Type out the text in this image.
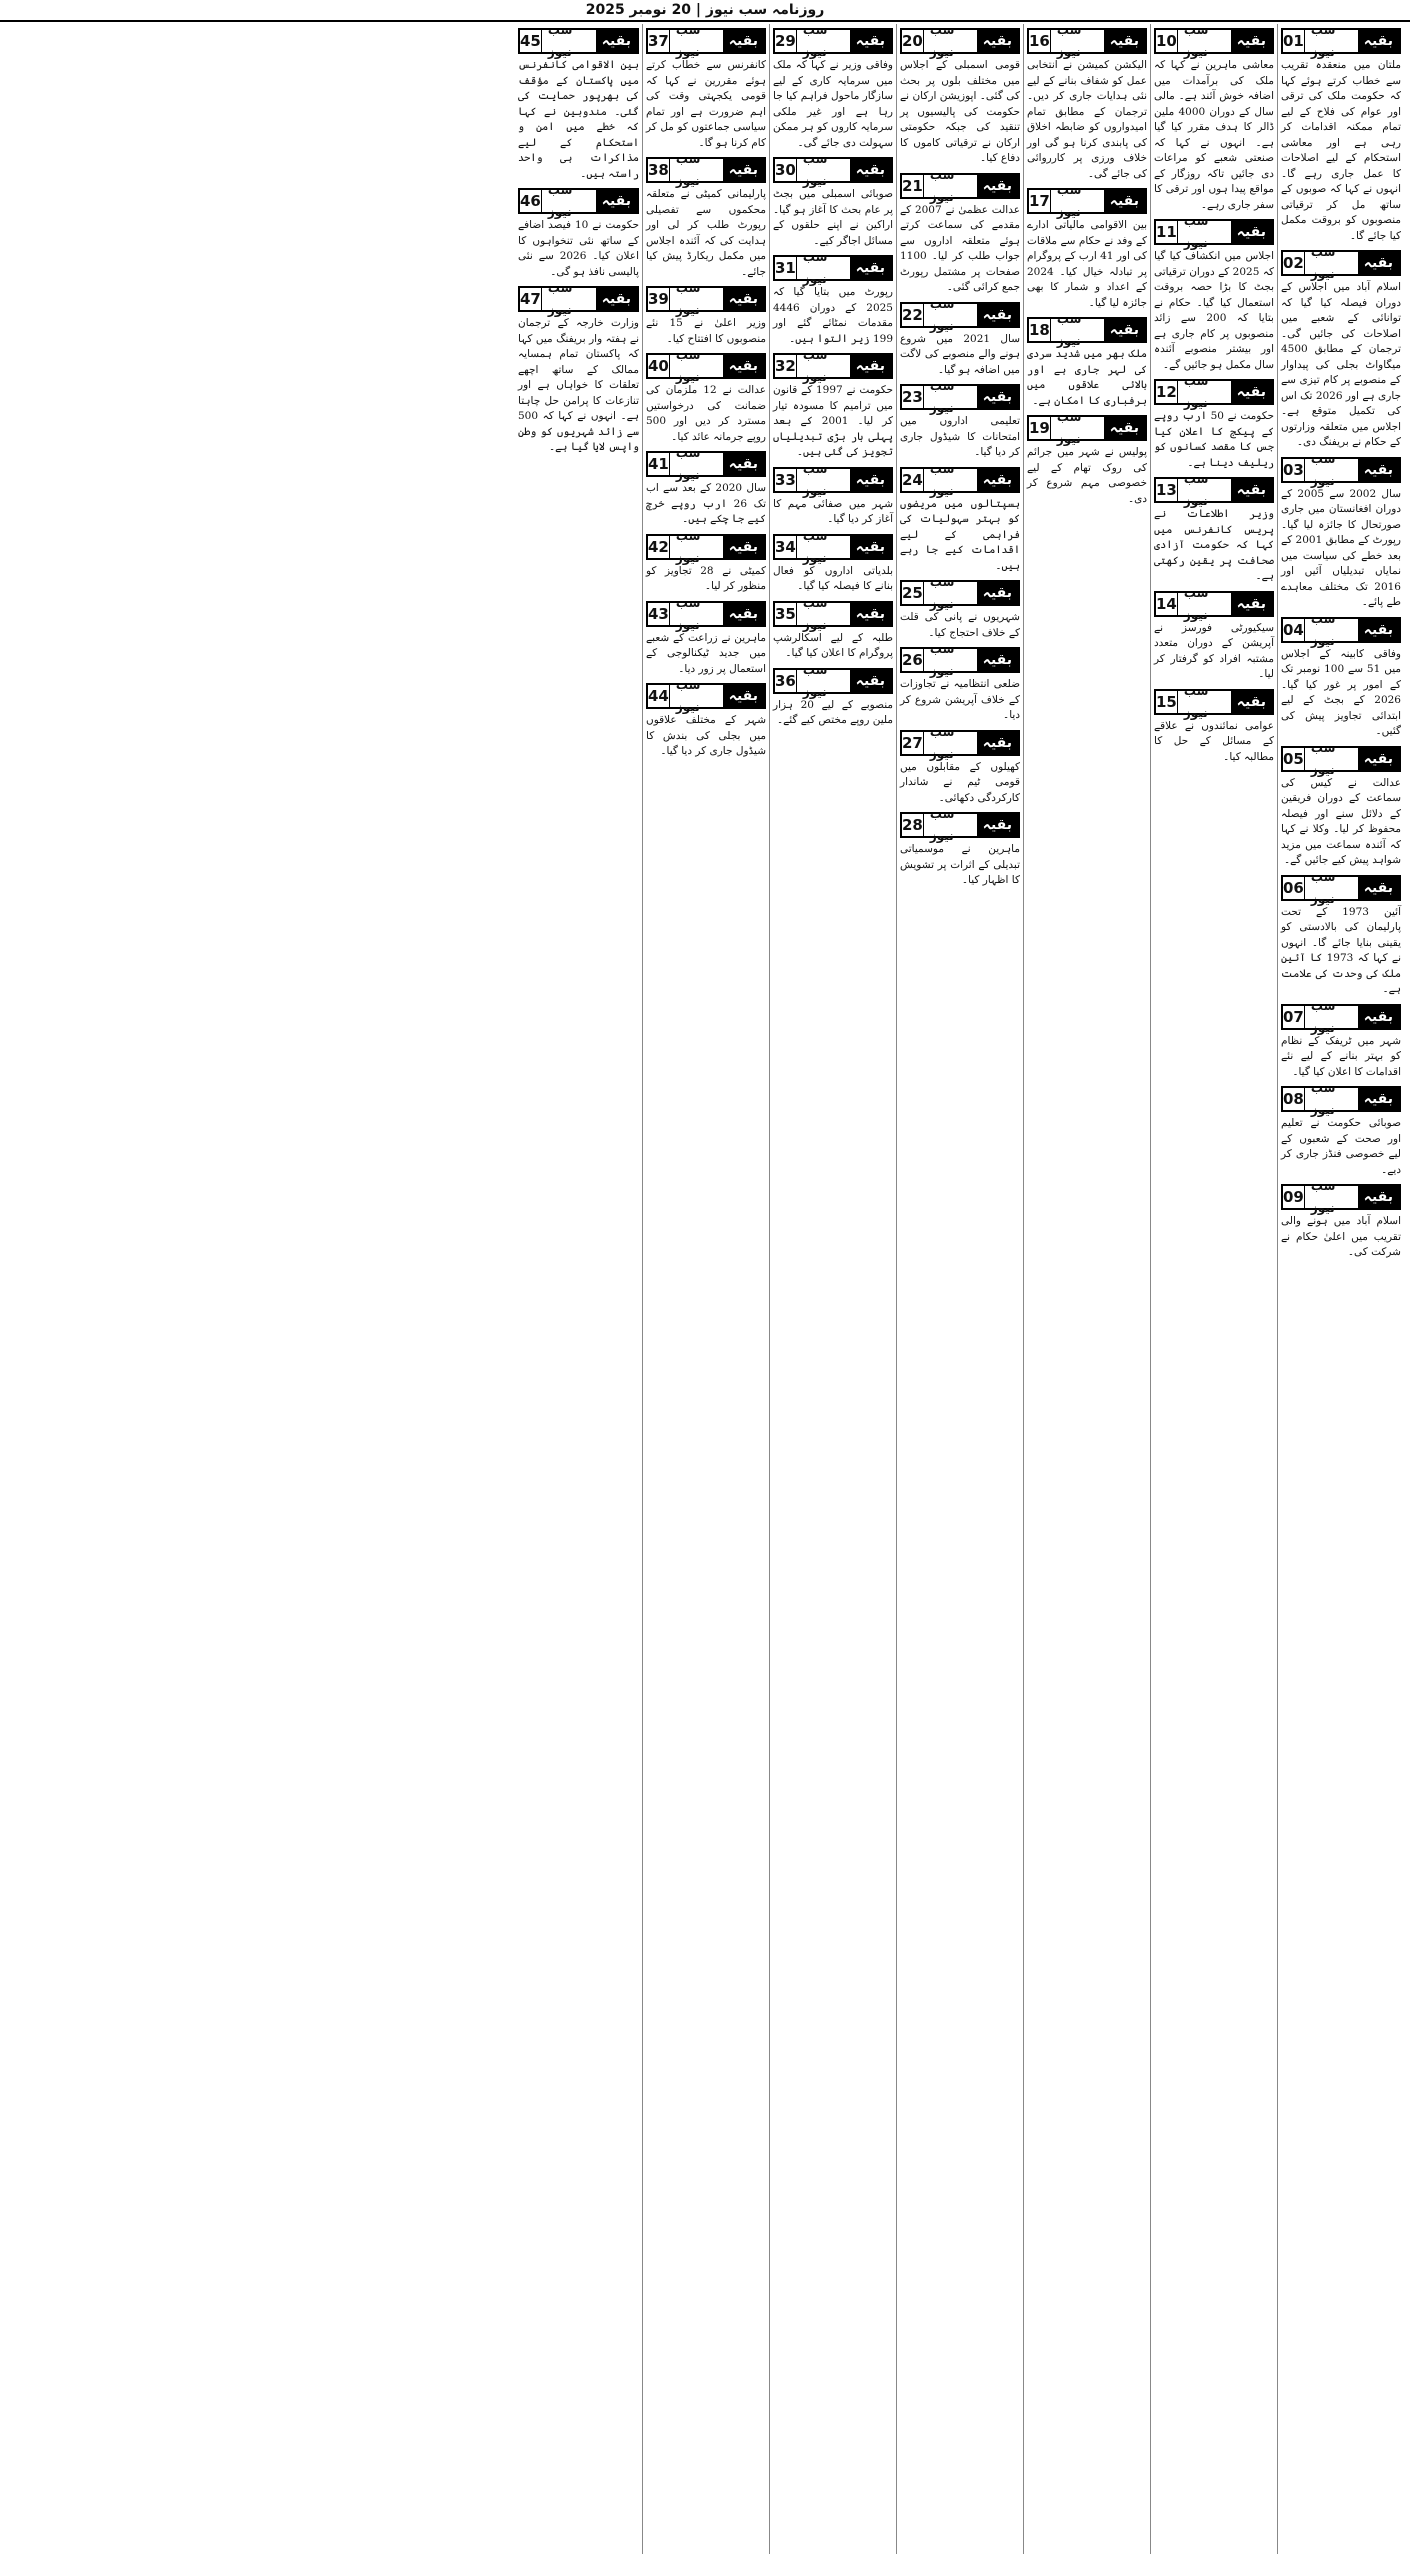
روزنامہ سب نیوز | 20 نومبر 2025
بقیہ
سب نیوز
01

ملتان میں منعقدہ تقریب سے خطاب کرتے ہوئے کہا کہ حکومت ملک کی ترقی اور عوام کی فلاح کے لیے تمام ممکنہ اقدامات کر رہی ہے اور معاشی استحکام کے لیے اصلاحات کا عمل جاری رہے گا۔ انہوں نے کہا کہ صوبوں کے ساتھ مل کر ترقیاتی منصوبوں کو بروقت مکمل کیا جائے گا۔

بقیہ
سب نیوز
02

اسلام آباد میں اجلاس کے دوران فیصلہ کیا گیا کہ توانائی کے شعبے میں اصلاحات کی جائیں گی۔ ترجمان کے مطابق 4500 میگاواٹ بجلی کی پیداوار کے منصوبے پر کام تیزی سے جاری ہے اور 2026 تک اس کی تکمیل متوقع ہے۔ اجلاس میں متعلقہ وزارتوں کے حکام نے بریفنگ دی۔

بقیہ
سب نیوز
03

سال 2002 سے 2005 کے دوران افغانستان میں جاری صورتحال کا جائزہ لیا گیا۔ رپورٹ کے مطابق 2001 کے بعد خطے کی سیاست میں نمایاں تبدیلیاں آئیں اور 2016 تک مختلف معاہدے طے پائے۔

بقیہ
سب نیوز
04

وفاقی کابینہ کے اجلاس میں 51 سے 100 نومبر تک کے امور پر غور کیا گیا۔ 2026 کے بجٹ کے لیے ابتدائی تجاویز پیش کی گئیں۔

بقیہ
سب نیوز
05

عدالت نے کیس کی سماعت کے دوران فریقین کے دلائل سنے اور فیصلہ محفوظ کر لیا۔ وکلا نے کہا کہ آئندہ سماعت میں مزید شواہد پیش کیے جائیں گے۔

بقیہ
سب نیوز
06

آئین 1973 کے تحت پارلیمان کی بالادستی کو یقینی بنایا جائے گا۔ انہوں نے کہا کہ 1973 کا آئین ملک کی وحدت کی علامت ہے۔

بقیہ
سب نیوز
07

شہر میں ٹریفک کے نظام کو بہتر بنانے کے لیے نئے اقدامات کا اعلان کیا گیا۔

بقیہ
سب نیوز
08

صوبائی حکومت نے تعلیم اور صحت کے شعبوں کے لیے خصوصی فنڈز جاری کر دیے۔

بقیہ
سب نیوز
09

اسلام آباد میں ہونے والی تقریب میں اعلیٰ حکام نے شرکت کی۔

بقیہ
سب نیوز
10

معاشی ماہرین نے کہا کہ ملک کی برآمدات میں اضافہ خوش آئند ہے۔ مالی سال کے دوران 4000 ملین ڈالر کا ہدف مقرر کیا گیا ہے۔ انہوں نے کہا کہ صنعتی شعبے کو مراعات دی جائیں تاکہ روزگار کے مواقع پیدا ہوں اور ترقی کا سفر جاری رہے۔

بقیہ
سب نیوز
11

اجلاس میں انکشاف کیا گیا کہ 2025 کے دوران ترقیاتی بجٹ کا بڑا حصہ بروقت استعمال کیا گیا۔ حکام نے بتایا کہ 200 سے زائد منصوبوں پر کام جاری ہے اور بیشتر منصوبے آئندہ سال مکمل ہو جائیں گے۔

بقیہ
سب نیوز
12

حکومت نے 50 ارب روپے کے پیکج کا اعلان کیا جس کا مقصد کسانوں کو ریلیف دینا ہے۔

بقیہ
سب نیوز
13

وزیر اطلاعات نے پریس کانفرنس میں کہا کہ حکومت آزادی صحافت پر یقین رکھتی ہے۔

بقیہ
سب نیوز
14

سیکیورٹی فورسز نے آپریشن کے دوران متعدد مشتبہ افراد کو گرفتار کر لیا۔

بقیہ
سب نیوز
15

عوامی نمائندوں نے علاقے کے مسائل کے حل کا مطالبہ کیا۔

بقیہ
سب نیوز
16

الیکشن کمیشن نے انتخابی عمل کو شفاف بنانے کے لیے نئی ہدایات جاری کر دیں۔ ترجمان کے مطابق تمام امیدواروں کو ضابطہ اخلاق کی پابندی کرنا ہو گی اور خلاف ورزی پر کارروائی کی جائے گی۔

بقیہ
سب نیوز
17

بین الاقوامی مالیاتی ادارے کے وفد نے حکام سے ملاقات کی اور 41 ارب کے پروگرام پر تبادلہ خیال کیا۔ 2024 کے اعداد و شمار کا بھی جائزہ لیا گیا۔

بقیہ
سب نیوز
18

ملک بھر میں شدید سردی کی لہر جاری ہے اور بالائی علاقوں میں برفباری کا امکان ہے۔

بقیہ
سب نیوز
19

پولیس نے شہر میں جرائم کی روک تھام کے لیے خصوصی مہم شروع کر دی۔

بقیہ
سب نیوز
20

قومی اسمبلی کے اجلاس میں مختلف بلوں پر بحث کی گئی۔ اپوزیشن ارکان نے حکومت کی پالیسیوں پر تنقید کی جبکہ حکومتی ارکان نے ترقیاتی کاموں کا دفاع کیا۔

بقیہ
سب نیوز
21

عدالت عظمیٰ نے 2007 کے مقدمے کی سماعت کرتے ہوئے متعلقہ اداروں سے جواب طلب کر لیا۔ 1100 صفحات پر مشتمل رپورٹ جمع کرائی گئی۔

بقیہ
سب نیوز
22

سال 2021 میں شروع ہونے والے منصوبے کی لاگت میں اضافہ ہو گیا۔

بقیہ
سب نیوز
23

تعلیمی اداروں میں امتحانات کا شیڈول جاری کر دیا گیا۔

بقیہ
سب نیوز
24

ہسپتالوں میں مریضوں کو بہتر سہولیات کی فراہمی کے لیے اقدامات کیے جا رہے ہیں۔

بقیہ
سب نیوز
25

شہریوں نے پانی کی قلت کے خلاف احتجاج کیا۔

بقیہ
سب نیوز
26

ضلعی انتظامیہ نے تجاوزات کے خلاف آپریشن شروع کر دیا۔

بقیہ
سب نیوز
27

کھیلوں کے مقابلوں میں قومی ٹیم نے شاندار کارکردگی دکھائی۔

بقیہ
سب نیوز
28

ماہرین نے موسمیاتی تبدیلی کے اثرات پر تشویش کا اظہار کیا۔

بقیہ
سب نیوز
29

وفاقی وزیر نے کہا کہ ملک میں سرمایہ کاری کے لیے سازگار ماحول فراہم کیا جا رہا ہے اور غیر ملکی سرمایہ کاروں کو ہر ممکن سہولت دی جائے گی۔

بقیہ
سب نیوز
30

صوبائی اسمبلی میں بجٹ پر عام بحث کا آغاز ہو گیا۔ اراکین نے اپنے حلقوں کے مسائل اجاگر کیے۔

بقیہ
سب نیوز
31

رپورٹ میں بتایا گیا کہ 2025 کے دوران 4446 مقدمات نمٹائے گئے اور 199 زیر التوا ہیں۔

بقیہ
سب نیوز
32

حکومت نے 1997 کے قانون میں ترامیم کا مسودہ تیار کر لیا۔ 2001 کے بعد پہلی بار بڑی تبدیلیاں تجویز کی گئی ہیں۔

بقیہ
سب نیوز
33

شہر میں صفائی مہم کا آغاز کر دیا گیا۔

بقیہ
سب نیوز
34

بلدیاتی اداروں کو فعال بنانے کا فیصلہ کیا گیا۔

بقیہ
سب نیوز
35

طلبہ کے لیے اسکالرشپ پروگرام کا اعلان کیا گیا۔

بقیہ
سب نیوز
36

منصوبے کے لیے 20 ہزار ملین روپے مختص کیے گئے۔

بقیہ
سب نیوز
37

کانفرنس سے خطاب کرتے ہوئے مقررین نے کہا کہ قومی یکجہتی وقت کی اہم ضرورت ہے اور تمام سیاسی جماعتوں کو مل کر کام کرنا ہو گا۔

بقیہ
سب نیوز
38

پارلیمانی کمیٹی نے متعلقہ محکموں سے تفصیلی رپورٹ طلب کر لی اور ہدایت کی کہ آئندہ اجلاس میں مکمل ریکارڈ پیش کیا جائے۔

بقیہ
سب نیوز
39

وزیر اعلیٰ نے 15 نئے منصوبوں کا افتتاح کیا۔

بقیہ
سب نیوز
40

عدالت نے 12 ملزمان کی ضمانت کی درخواستیں مسترد کر دیں اور 500 روپے جرمانہ عائد کیا۔

بقیہ
سب نیوز
41

سال 2020 کے بعد سے اب تک 26 ارب روپے خرچ کیے جا چکے ہیں۔

بقیہ
سب نیوز
42

کمیٹی نے 28 تجاویز کو منظور کر لیا۔

بقیہ
سب نیوز
43

ماہرین نے زراعت کے شعبے میں جدید ٹیکنالوجی کے استعمال پر زور دیا۔

بقیہ
سب نیوز
44

شہر کے مختلف علاقوں میں بجلی کی بندش کا شیڈول جاری کر دیا گیا۔

بقیہ
سب نیوز
45

بین الاقوامی کانفرنس میں پاکستان کے مؤقف کی بھرپور حمایت کی گئی۔ مندوبین نے کہا کہ خطے میں امن و استحکام کے لیے مذاکرات ہی واحد راستہ ہیں۔

بقیہ
سب نیوز
46

حکومت نے 10 فیصد اضافے کے ساتھ نئی تنخواہوں کا اعلان کیا۔ 2026 سے نئی پالیسی نافذ ہو گی۔

بقیہ
سب نیوز
47

وزارت خارجہ کے ترجمان نے ہفتہ وار بریفنگ میں کہا کہ پاکستان تمام ہمسایہ ممالک کے ساتھ اچھے تعلقات کا خواہاں ہے اور تنازعات کا پرامن حل چاہتا ہے۔ انہوں نے کہا کہ 500 سے زائد شہریوں کو وطن واپس لایا گیا ہے۔
